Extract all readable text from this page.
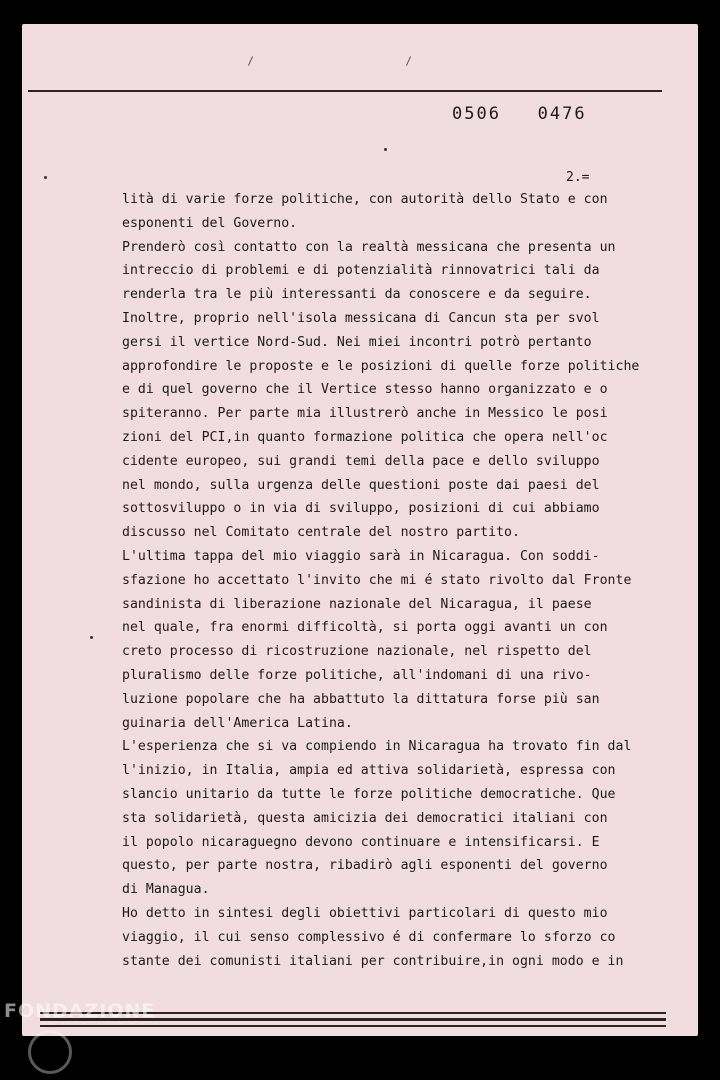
0506   0476
2.=
lità di varie forze politiche, con autorità dello Stato e con
esponenti del Governo.
Prenderò così contatto con la realtà messicana che presenta un
intreccio di problemi e di potenzialità rinnovatrici tali da
renderla tra le più interessanti da conoscere e da seguire.
Inoltre, proprio nell'isola messicana di Cancun sta per svol
gersi il vertice Nord-Sud. Nei miei incontri potrò pertanto
approfondire le proposte e le posizioni di quelle forze politiche
e di quel governo che il Vertice stesso hanno organizzato e o
spiteranno. Per parte mia illustrerò anche in Messico le posi
zioni del PCI,in quanto formazione politica che opera nell'oc
cidente europeo, sui grandi temi della pace e dello sviluppo
nel mondo, sulla urgenza delle questioni poste dai paesi del
sottosviluppo o in via di sviluppo, posizioni di cui abbiamo
discusso nel Comitato centrale del nostro partito.
L'ultima tappa del mio viaggio sarà in Nicaragua. Con soddi-
sfazione ho accettato l'invito che mi é stato rivolto dal Fronte
sandinista di liberazione nazionale del Nicaragua, il paese
nel quale, fra enormi difficoltà, si porta oggi avanti un con
creto processo di ricostruzione nazionale, nel rispetto del
pluralismo delle forze politiche, all'indomani di una rivo-
luzione popolare che ha abbattuto la dittatura forse più san
guinaria dell'America Latina.
L'esperienza che si va compiendo in Nicaragua ha trovato fin dal
l'inizio, in Italia, ampia ed attiva solidarietà, espressa con
slancio unitario da tutte le forze politiche democratiche. Que
sta solidarietà, questa amicizia dei democratici italiani con
il popolo nicaraguegno devono continuare e intensificarsi. E
questo, per parte nostra, ribadirò agli esponenti del governo
di Managua.
Ho detto in sintesi degli obiettivi particolari di questo mio
viaggio, il cui senso complessivo é di confermare lo sforzo co
stante dei comunisti italiani per contribuire,in ogni modo e in
FONDAZIONE
